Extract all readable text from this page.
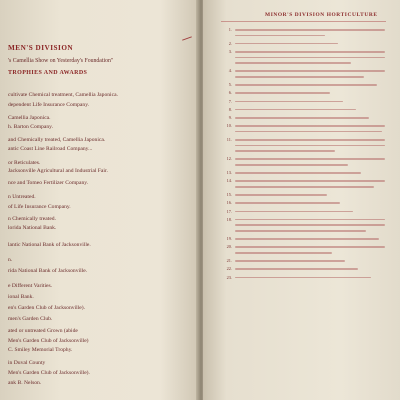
MEN'S DIVISION
's Camellia Show on Yesterday's Foundation"
TROPHIES AND AWARDS
cultivate Chemical treatment, Camellia Japonica.
dependent Life Insurance Company.
Camellia Japonica.
h. Barton Company.
and Chemically treated, Camellia Japonica.
antic Coast Line Railroad Company...
or Reticulates.
Jacksonville Agricultural and Industrial Fair.
nce and Tomeo Fertilizer Company.
n Untreated.
of Life Insurance Company.
n Chemically treated.
lorida National Bank.
lantic National Bank of Jacksonville.
n.
rida National Bank of Jacksonville.
e Different Varities.
ional Bank.
en's Garden Club of Jacksonville).
men's Garden Club.
ated or untreated Grown (abide
Men's Garden Club of Jacksonville)
C. Smiley Memorial Trophy.
in Duval County
Men's Garden Club of Jacksonville).
ank B. Nelson.
MINOR'S DIVISION HORTICULTURE
1.
2.
3.
4.
5.
6.
7.
8.
9.
10.
11.
12.
13.
14.
15.
16.
17.
18.
19.
20.
21.
22.
23.
